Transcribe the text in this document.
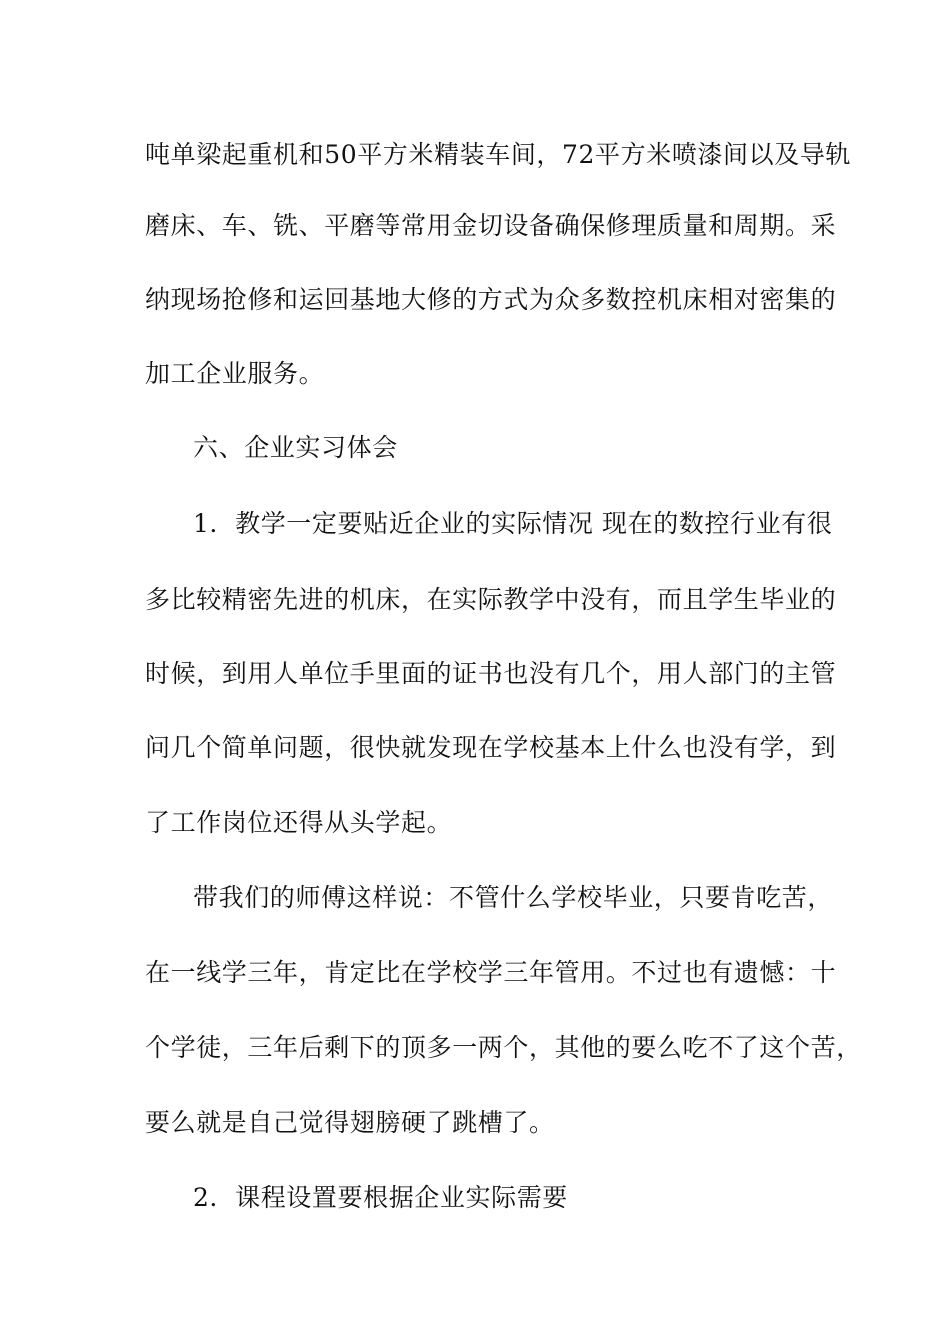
吨单梁起重机和50平方米精装车间，72平方米喷漆间以及导轨
磨床、车、铣、平磨等常用金切设备确保修理质量和周期。采
纳现场抢修和运回基地大修的方式为众多数控机床相对密集的
加工企业服务。
六、企业实习体会
1．教学一定要贴近企业的实际情况 现在的数控行业有很
多比较精密先进的机床，在实际教学中没有，而且学生毕业的
时候，到用人单位手里面的证书也没有几个，用人部门的主管
问几个简单问题，很快就发现在学校基本上什么也没有学，到
了工作岗位还得从头学起。
带我们的师傅这样说：不管什么学校毕业，只要肯吃苦，
在一线学三年，肯定比在学校学三年管用。不过也有遗憾：十
个学徒，三年后剩下的顶多一两个，其他的要么吃不了这个苦，
要么就是自己觉得翅膀硬了跳槽了。
2．课程设置要根据企业实际需要
